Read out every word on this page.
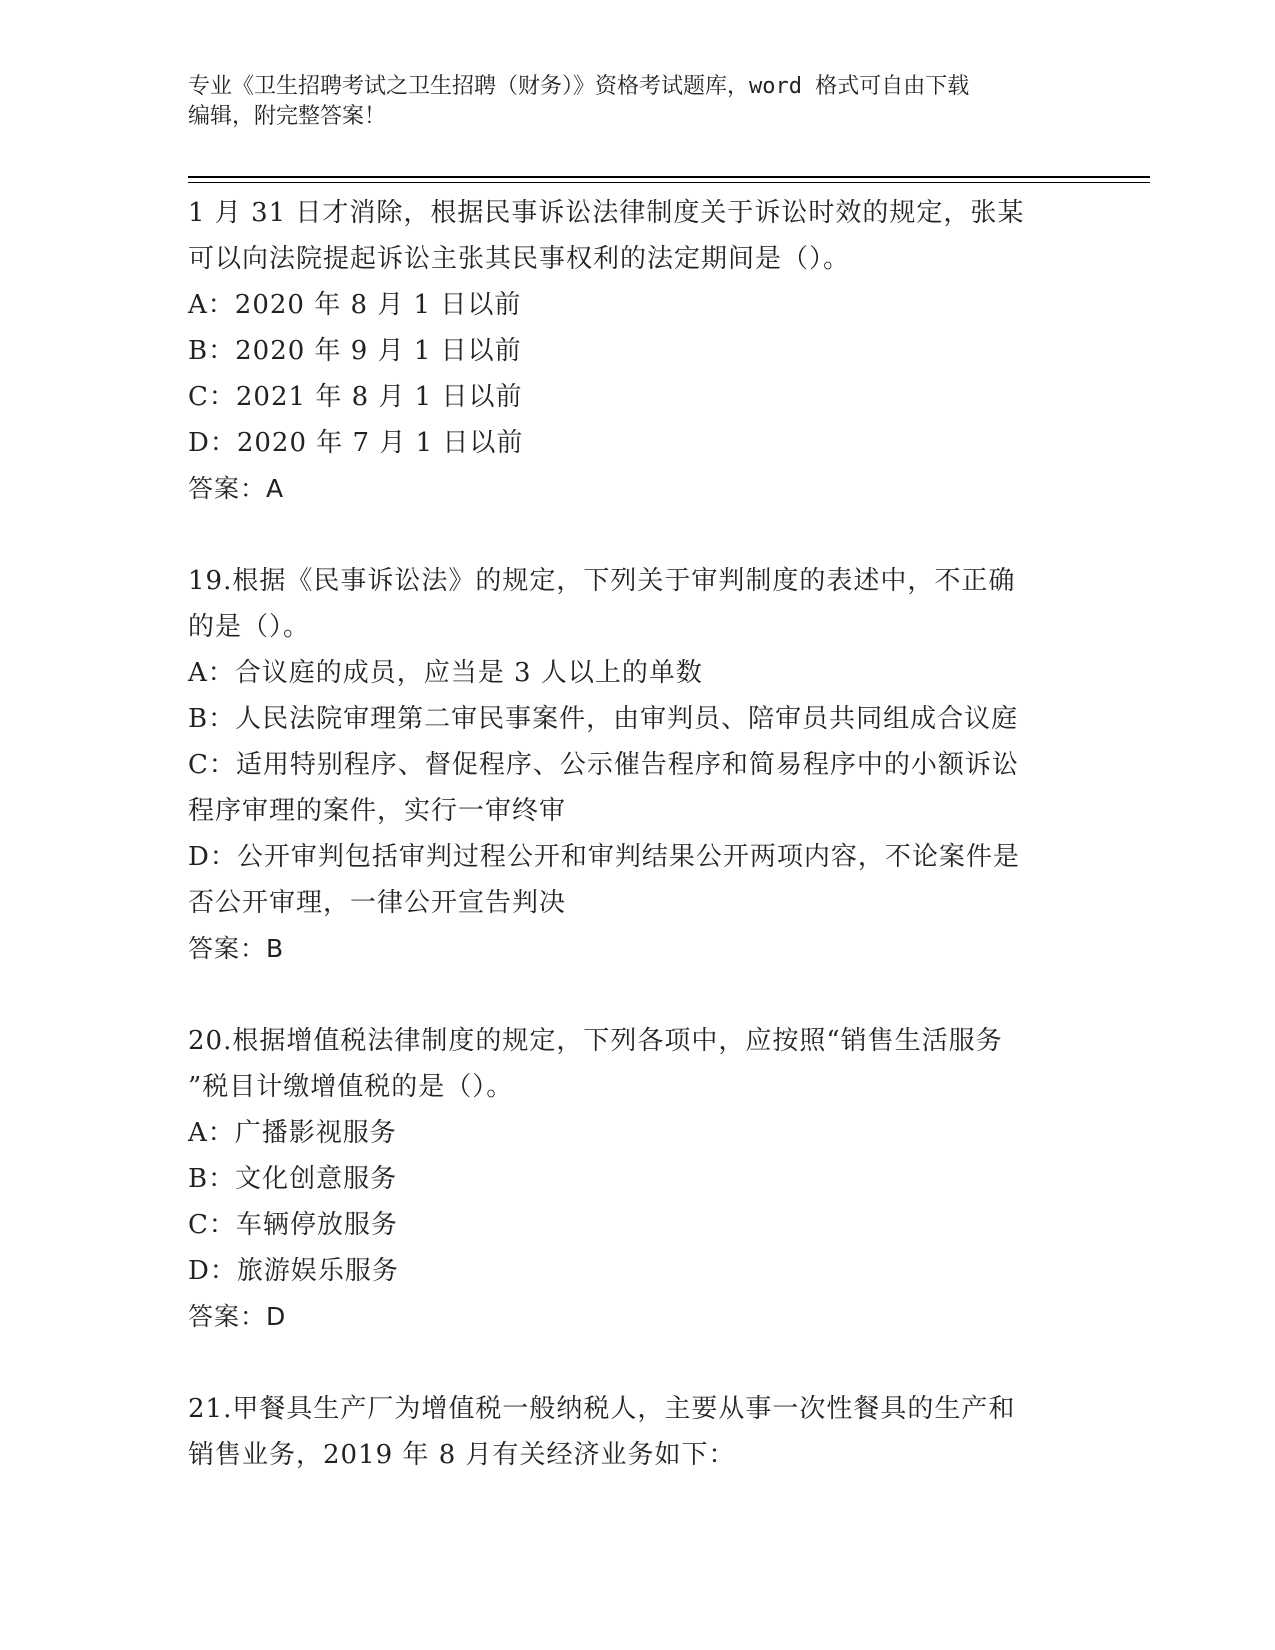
专业《卫生招聘考试之卫生招聘（财务）》资格考试题库，word 格式可自由下载
编辑，附完整答案！
1 月 31 日才消除，根据民事诉讼法律制度关于诉讼时效的规定，张某
可以向法院提起诉讼主张其民事权利的法定期间是（）。
A：2020 年 8 月 1 日以前
B：2020 年 9 月 1 日以前
C：2021 年 8 月 1 日以前
D：2020 年 7 月 1 日以前
答案：A
19.根据《民事诉讼法》的规定，下列关于审判制度的表述中，不正确
的是（）。
A：合议庭的成员，应当是 3 人以上的单数
B：人民法院审理第二审民事案件，由审判员、陪审员共同组成合议庭
C：适用特别程序、督促程序、公示催告程序和简易程序中的小额诉讼
程序审理的案件，实行一审终审
D：公开审判包括审判过程公开和审判结果公开两项内容，不论案件是
否公开审理，一律公开宣告判决
答案：B
20.根据增值税法律制度的规定，下列各项中，应按照“销售生活服务
”税目计缴增值税的是（）。
A：广播影视服务
B：文化创意服务
C：车辆停放服务
D：旅游娱乐服务
答案：D
21.甲餐具生产厂为增值税一般纳税人，主要从事一次性餐具的生产和
销售业务，2019 年 8 月有关经济业务如下：
